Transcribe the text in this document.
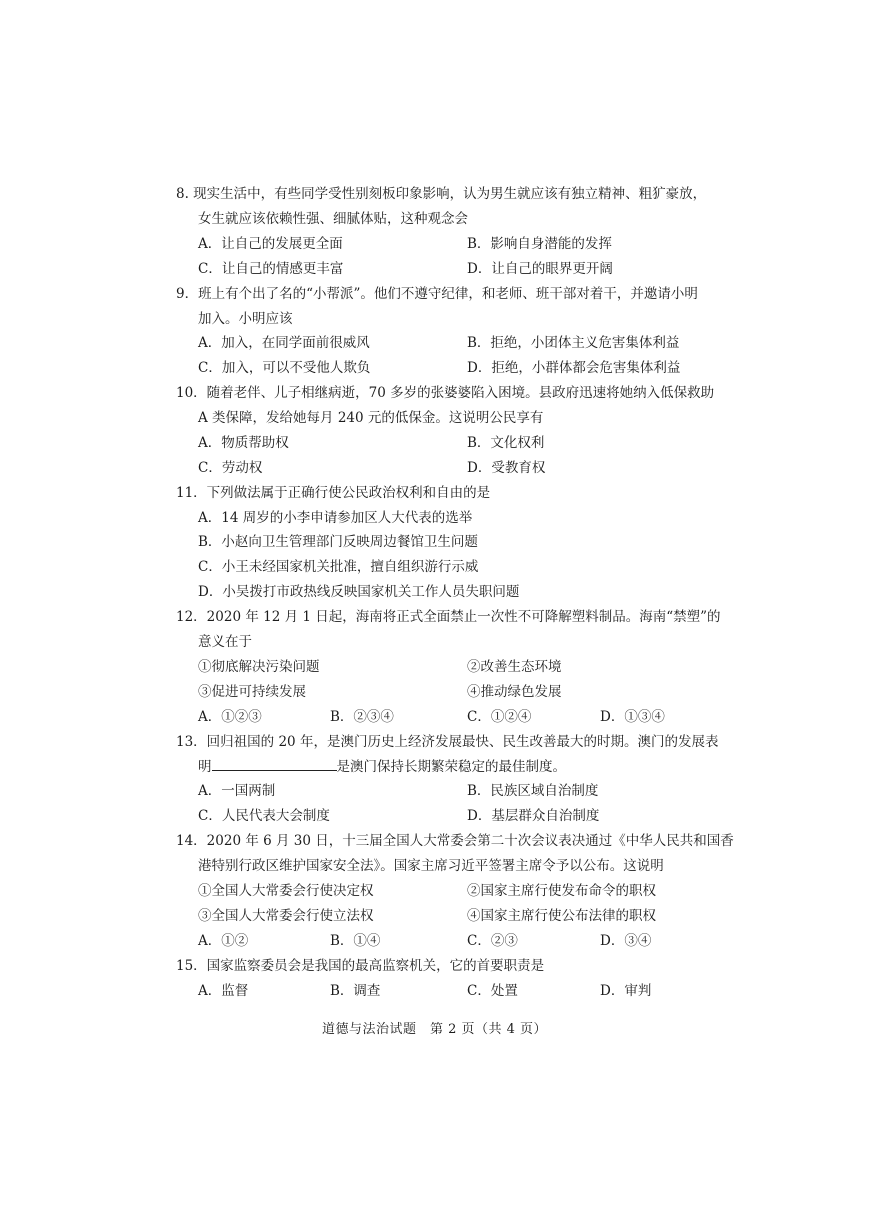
8. 现实生活中，有些同学受性别刻板印象影响，认为男生就应该有独立精神、粗犷豪放，
女生就应该依赖性强、细腻体贴，这种观念会
A．让自己的发展更全面	B．影响自身潜能的发挥
C．让自己的情感更丰富	D．让自己的眼界更开阔
9．班上有个出了名的“小帮派”。他们不遵守纪律，和老师、班干部对着干，并邀请小明
加入。小明应该
A．加入，在同学面前很威风	B．拒绝，小团体主义危害集体利益
C．加入，可以不受他人欺负	D．拒绝，小群体都会危害集体利益
10．随着老伴、儿子相继病逝，70 多岁的张婆婆陷入困境。县政府迅速将她纳入低保救助
A 类保障，发给她每月 240 元的低保金。这说明公民享有
A．物质帮助权	B．文化权利
C．劳动权	D．受教育权
11．下列做法属于正确行使公民政治权利和自由的是
A．14 周岁的小李申请参加区人大代表的选举
B．小赵向卫生管理部门反映周边餐馆卫生问题
C．小王未经国家机关批准，擅自组织游行示威
D．小吴拨打市政热线反映国家机关工作人员失职问题
12．2020 年 12 月 1 日起，海南将正式全面禁止一次性不可降解塑料制品。海南“禁塑”的
意义在于
①彻底解决污染问题	②改善生态环境
③促进可持续发展	④推动绿色发展
A．①②③	B．②③④	C．①②④	D．①③④
13．回归祖国的 20 年，是澳门历史上经济发展最快、民生改善最大的时期。澳门的发展表
明	是澳门保持长期繁荣稳定的最佳制度。
A．一国两制	B．民族区域自治制度
C．人民代表大会制度	D．基层群众自治制度
14．2020 年 6 月 30 日，十三届全国人大常委会第二十次会议表决通过《中华人民共和国香
港特别行政区维护国家安全法》。国家主席习近平签署主席令予以公布。这说明
①全国人大常委会行使决定权	②国家主席行使发布命令的职权
③全国人大常委会行使立法权	④国家主席行使公布法律的职权
A．①②	B．①④	C．②③	D．③④
15．国家监察委员会是我国的最高监察机关，它的首要职责是
A．监督	B．调查	C．处置	D．审判
道德与法治试题　第 2 页（共 4 页）
